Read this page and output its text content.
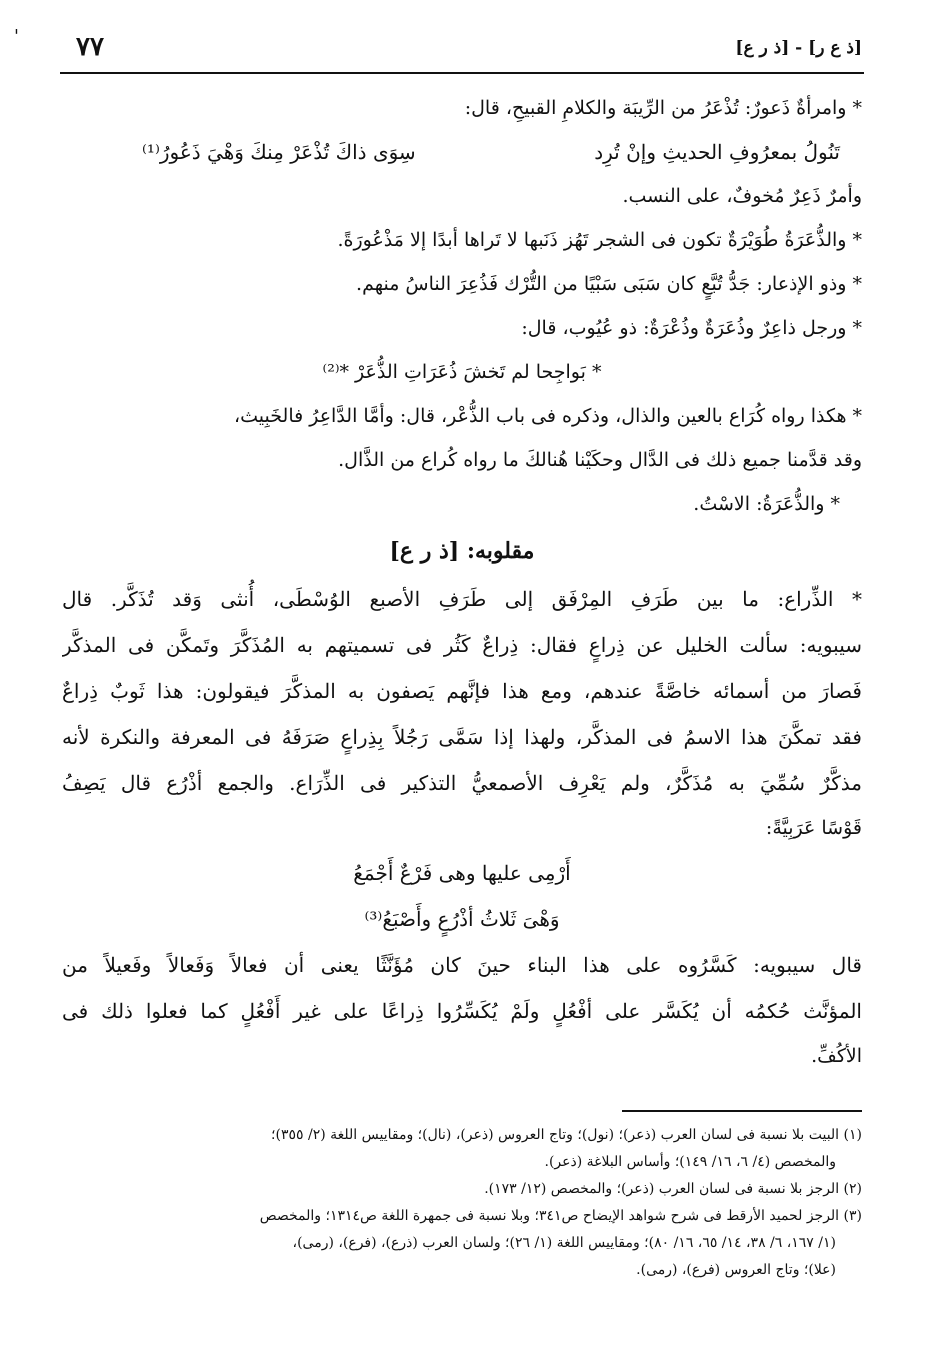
' ٧٧	[ذ ع ر] - [ذ ر ع]
* وامرأةٌ ذَعورٌ: تُذْعَرُ من الرِّيبَة والكلامِ القبيحِ، قال:
تَنُولُ بمعرُوفِ الحديثِ وإنْ تُرِد
سِوَى ذاكَ تُذْعَرْ مِنكَ وَهْيَ ذَعُورُ⁽¹⁾
وأمرٌ ذَعِرٌ مُخوفٌ، على النسب.
* والذُّعَرَةُ طُوَيْرَةٌ تكون فى الشجر تَهُز ذَنَبها لا تَراها أبدًا إلا مَذْعُورَةً.
* وذو الإذعار: جَدُّ تُبَّعٍ كان سَبَى سَبْيًا من التُّرْك فَذُعِرَ الناسُ منهم.
* ورجل ذاعِرٌ وذُعَرَةٌ وذُعْرَةٌ: ذو عُيُوب، قال:
* بَواجِحا لم تَخشَ ذُعَرَاتِ الذُّعَرْ *⁽²⁾
* هكذا رواه كُرَاع بالعين والذال، وذكره فى باب الذُّعْر، قال: وأمَّا الدَّاعِرُ فالخَبِيث،
وقد قدَّمنا جميع ذلك فى الدَّال وحكَيْنا هُنالكَ ما رواه كُراع من الذَّال.
* والذُّعَرَةُ: الاسْتُ.
مقلوبه: [ذ ر ع]
* الذِّراع: ما بين طَرَفِ المِرْفَق إلى طَرَفِ الأصبع الوُسْطَى، أُنثى وَقد تُذَكَّر. قال
سيبويه: سألت الخليل عن ذِراعٍ فقال: ذِراعٌ كَثُر فى تسميتهم به المُذَكَّرَ وتَمكَّن فى المذكَّر
فَصارَ من أسمائه خاصَّةً عندهم، ومع هذا فإنَّهم يَصفون به المذكَّرَ فيقولون: هذا ثَوبٌ ذِراعٌ
فقد تمكَّنَ هذا الاسمُ فى المذكَّر، ولهذا إذا سَمَّى رَجُلاً بِذِراعٍ صَرَفَهُ فى المعرفة والنكرة لأنه
مذكَّرٌ سُمِّيَ به مُذَكَّرٌ، ولم يَعْرِف الأصمعيُّ التذكير فى الذِّرَاع. والجمع أذْرُع قال يَصِفُ
قَوْسًا عَرَبِيَّةً:
أَرْمِى عليها وهى فَرْعٌ أَجْمَعُ
وَهْىَ ثَلاثُ أذْرُعٍ وأَصْبَعُ⁽³⁾
قال سيبويه: كَسَّرُوه على هذا البناء حينَ كان مُؤَنَّثًا يعنى أن فعالاً وَفَعالاً وفَعيلاً من
المؤنَّث حُكمُه أن يُكَسَّر على أفْعُلٍ ولَمْ يُكَسِّرُوا ذِراعًا على غير أَفْعُلٍ كما فعلوا ذلك فى
الأكُفِّ.
(١) البيت بلا نسبة فى لسان العرب (ذعر)؛ (نول)؛ وتاج العروس (ذعر)، (نال)؛ ومقاييس اللغة (٢/ ٣٥٥)؛
والمخصص (٤/ ٦، ١٦/ ١٤٩)؛ وأساس البلاغة (ذعر).
(٢) الرجز بلا نسبة فى لسان العرب (ذعر)؛ والمخصص (١٢/ ١٧٣).
(٣) الرجز لحميد الأرقط فى شرح شواهد الإيضاح ص٣٤١؛ وبلا نسبة فى جمهرة اللغة ص١٣١٤؛ والمخصص
(١/ ١٦٧، ٦/ ٣٨، ١٤/ ٦٥، ١٦/ ٨٠)؛ ومقاييس اللغة (١/ ٢٦)؛ ولسان العرب (ذرع)، (فرع)، (رمى)،
(علا)؛ وتاج العروس (فرع)، (رمى).
